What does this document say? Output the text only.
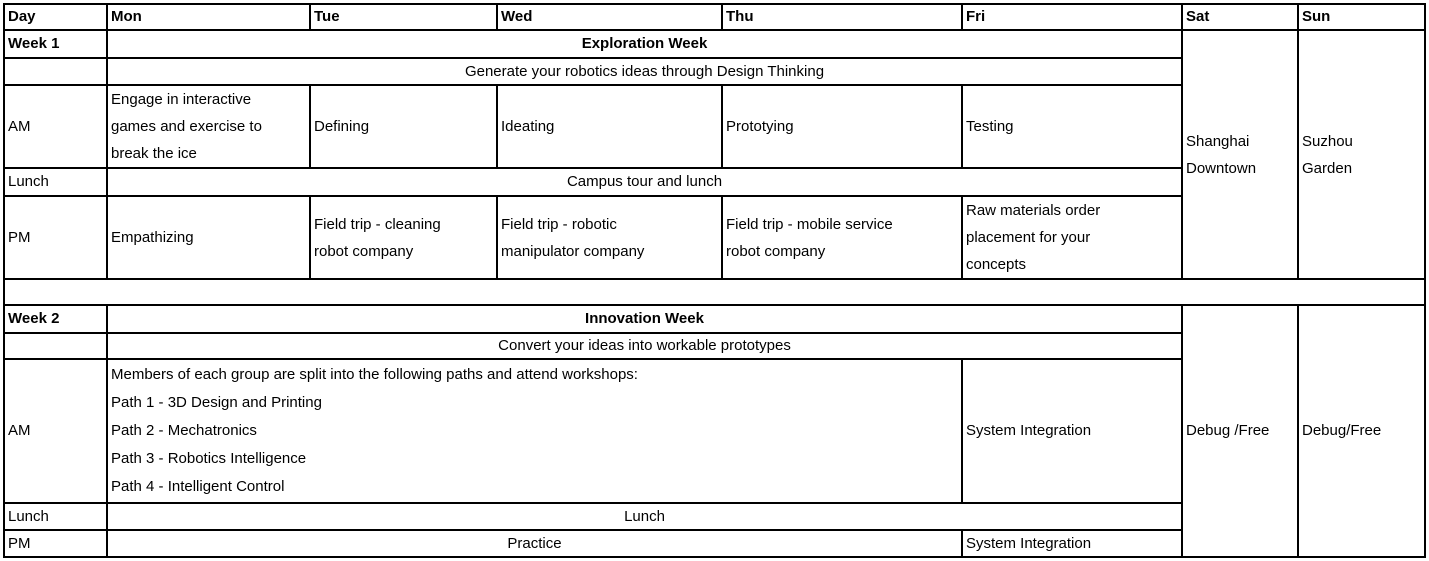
Day	Mon	Tue	Wed	Thu	Fri	Sat	Sun
Week 1	Exploration Week					Shanghai Downtown	Suzhou Garden

	Generate your robotics ideas through Design Thinking						
AM	Engage in interactive games and exercise to break the ice	Defining	Ideating	Prototying	Testing		
Lunch	Campus tour and lunch						
PM	Empathizing	Field trip - cleaning robot company	Field trip - robotic manipulator company	Field trip - mobile service robot company	Raw materials order placement for your concepts		

Week 2	Innovation Week					Debug /Free	Debug/Free

	Convert your ideas into workable prototypes						
AM	Members of each group are split into the following paths and attend workshops:
Path 1 - 3D Design and Printing
Path 2 - Mechatronics
Path 3 - Robotics Intelligence
Path 4 - Intelligent Control				System Integration		
Lunch	Lunch						
PM	Practice				System Integration		
